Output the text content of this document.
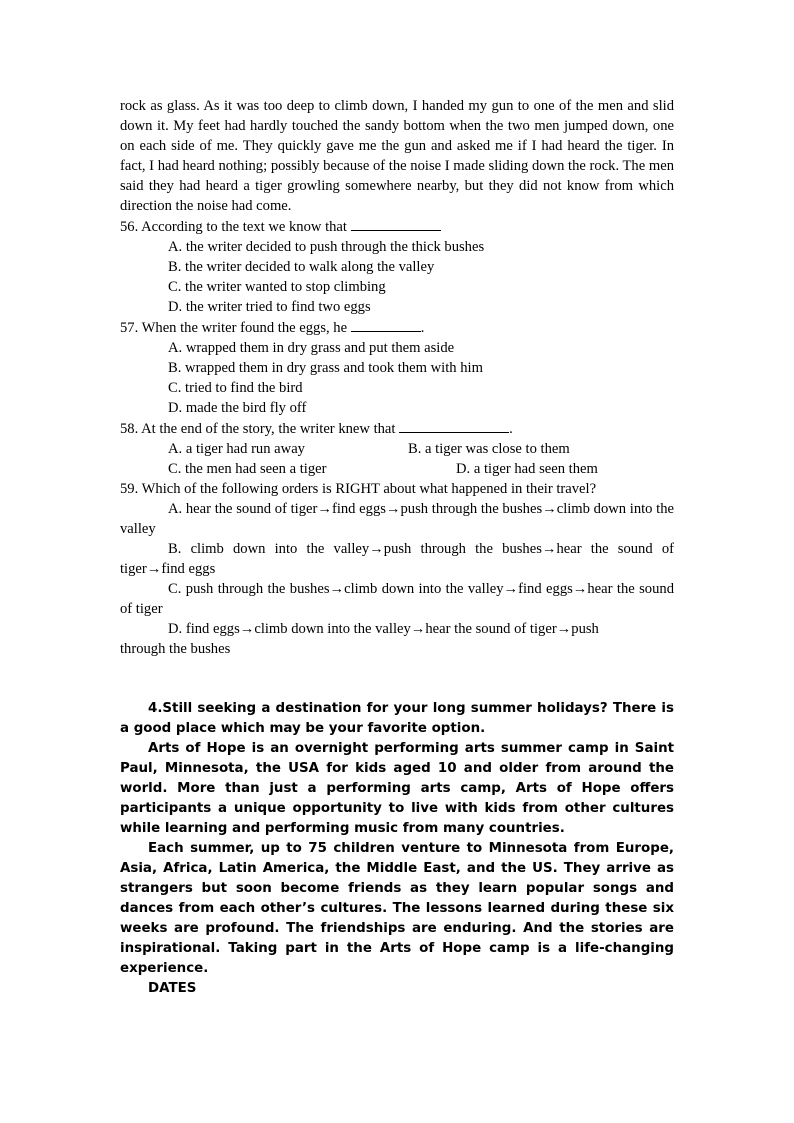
rock as glass. As it was too deep to climb down, I handed my gun to one of the men and slid down it. My feet had hardly touched the sandy bottom when the two men jumped down, one on each side of me. They quickly gave me the gun and asked me if I had heard the tiger. In fact, I had heard nothing; possibly because of the noise I made sliding down the rock. The men said they had heard a tiger growling somewhere nearby, but they did not know from which direction the noise had come.

56. According to the text we know that

A. the writer decided to push through the thick bushes

B. the writer decided to walk along the valley

C. the writer wanted to stop climbing

D. the writer tried to find two eggs

57. When the writer found the eggs, he	.

A. wrapped them in dry grass and put them aside

B. wrapped them in dry grass and took them with him

C. tried to find the bird

D. made the bird fly off

58. At the end of the story, the writer knew that	.

A. a tiger had run away	B. a tiger was close to them
C. the men had seen a tiger	D. a tiger had seen them

59. Which of the following orders is RIGHT about what happened in their travel?

A. hear the sound of tiger→find eggs→push through the bushes→climb down into the valley

B. climb down into the valley→push through the bushes→hear the sound of tiger→find eggs

C. push through the bushes→climb down into the valley→find eggs→hear the sound of tiger

D. find eggs→climb down into the valley→hear the sound of tiger→push through the bushes

4.Still seeking a destination for your long summer holidays? There is a good place which may be your favorite option.

Arts of Hope is an overnight performing arts summer camp in Saint Paul, Minnesota, the USA for kids aged 10 and older from around the world. More than just a performing arts camp, Arts of Hope offers participants a unique opportunity to live with kids from other cultures while learning and performing music from many countries.

Each summer, up to 75 children venture to Minnesota from Europe, Asia, Africa, Latin America, the Middle East, and the US. They arrive as strangers but soon become friends as they learn popular songs and dances from each other’s cultures. The lessons learned during these six weeks are profound. The friendships are enduring. And the stories are inspirational. Taking part in the Arts of Hope camp is a life-changing experience.

DATES
